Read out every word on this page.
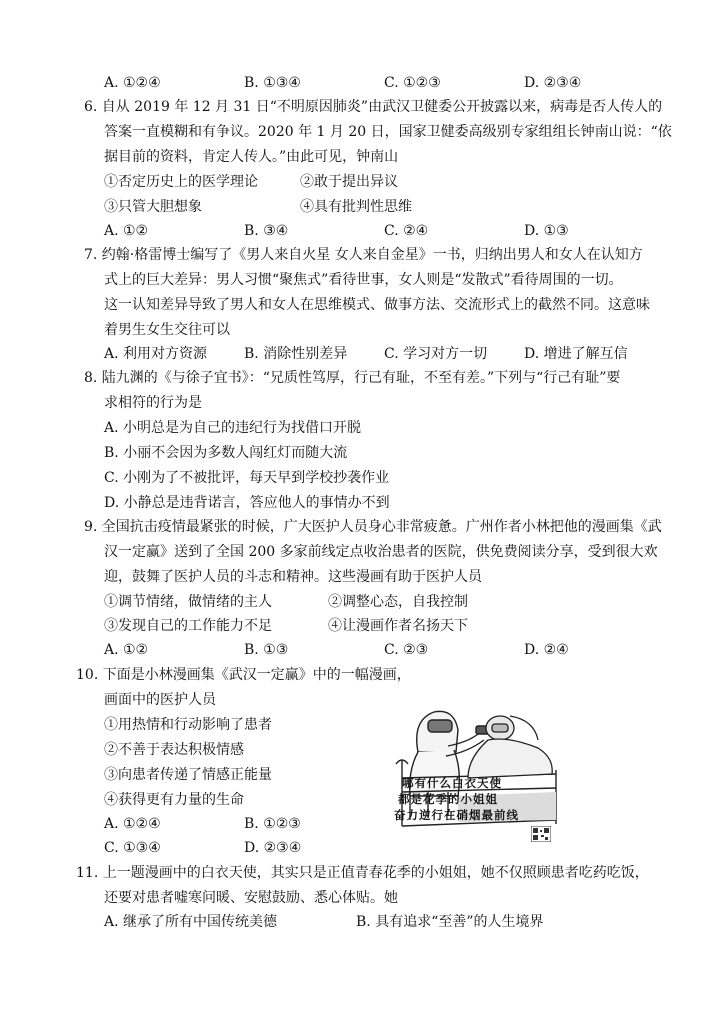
A. ①②④	B. ①③④	C. ①②③	D. ②③④
6. 自从 2019 年 12 月 31 日“不明原因肺炎”由武汉卫健委公开披露以来，病毒是否人传人的
答案一直模糊和有争议。2020 年 1 月 20 日，国家卫健委高级别专家组组长钟南山说：“依
据目前的资料，肯定人传人。”由此可见，钟南山
①否定历史上的医学理论	②敢于提出异议
③只管大胆想象	④具有批判性思维
A. ①②	B. ③④	C. ②④	D. ①③
7. 约翰·格雷博士编写了《男人来自火星 女人来自金星》一书，归纳出男人和女人在认知方
式上的巨大差异：男人习惯“聚焦式”看待世事，女人则是“发散式”看待周围的一切。
这一认知差异导致了男人和女人在思维模式、做事方法、交流形式上的截然不同。这意味
着男生女生交往可以
A. 利用对方资源	B. 消除性别差异	C. 学习对方一切	D. 增进了解互信
8. 陆九渊的《与徐子宜书》：“兄质性笃厚，行己有耻，不至有差。”下列与“行己有耻”要
求相符的行为是
A. 小明总是为自己的违纪行为找借口开脱
B. 小丽不会因为多数人闯红灯而随大流
C. 小刚为了不被批评，每天早到学校抄袭作业
D. 小静总是违背诺言，答应他人的事情办不到
9. 全国抗击疫情最紧张的时候，广大医护人员身心非常疲惫。广州作者小林把他的漫画集《武
汉一定赢》送到了全国 200 多家前线定点收治患者的医院，供免费阅读分享，受到很大欢
迎，鼓舞了医护人员的斗志和精神。这些漫画有助于医护人员
①调节情绪，做情绪的主人	②调整心态，自我控制
③发现自己的工作能力不足	④让漫画作者名扬天下
A. ①②	B. ①③	C. ②③	D. ②④
10. 下面是小林漫画集《武汉一定赢》中的一幅漫画，
画面中的医护人员
①用热情和行动影响了患者
②不善于表达积极情感
③向患者传递了情感正能量
④获得更有力量的生命
A. ①②④	B. ①②③
C. ①③④	D. ②③④
哪有什么白衣天使
都是花季的小姐姐
奋力逆行在硝烟最前线
11. 上一题漫画中的白衣天使，其实只是正值青春花季的小姐姐，她不仅照顾患者吃药吃饭，
还要对患者嘘寒问暖、安慰鼓励、悉心体贴。她
A. 继承了所有中国传统美德	B. 具有追求“至善”的人生境界
